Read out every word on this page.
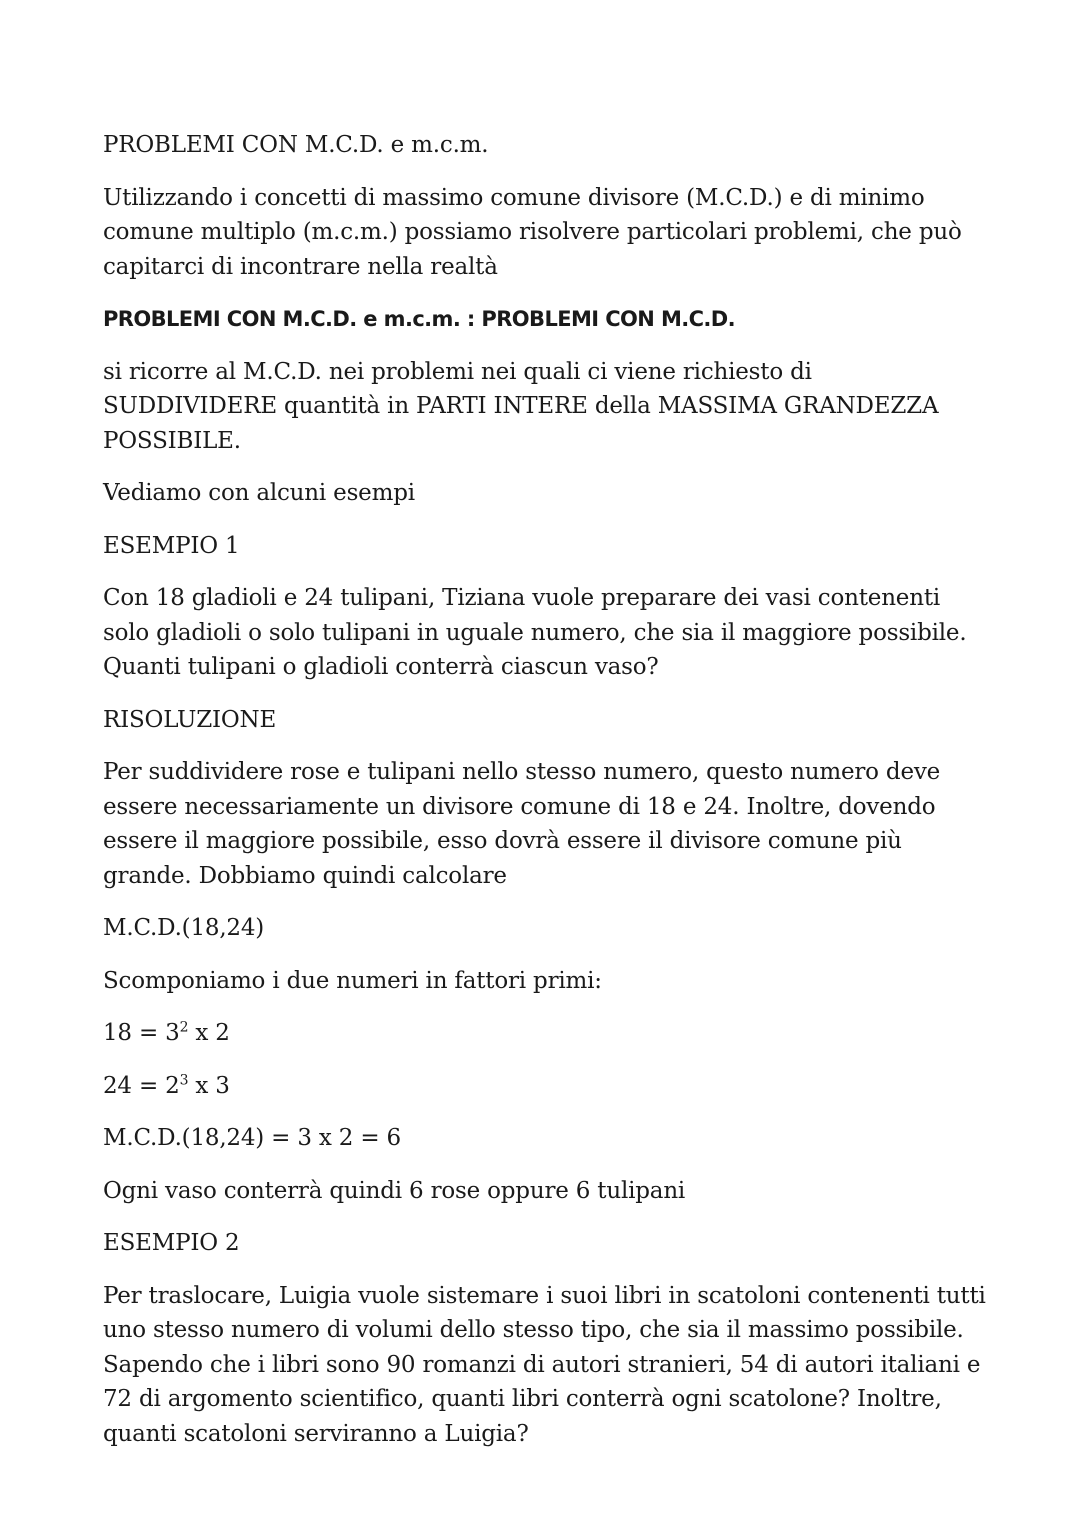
PROBLEMI CON M.C.D. e m.c.m.

Utilizzando i concetti di massimo comune divisore (M.C.D.) e di minimo comune multiplo (m.c.m.) possiamo risolvere particolari problemi, che può capitarci di incontrare nella realtà

PROBLEMI CON M.C.D. e m.c.m. : PROBLEMI CON M.C.D.

si ricorre al M.C.D. nei problemi nei quali ci viene richiesto di SUDDIVIDERE quantità in PARTI INTERE della MASSIMA GRANDEZZA POSSIBILE.

Vediamo con alcuni esempi

ESEMPIO 1

Con 18 gladioli e 24 tulipani, Tiziana vuole preparare dei vasi contenenti solo gladioli o solo tulipani in uguale numero, che sia il maggiore possibile. Quanti tulipani o gladioli conterrà ciascun vaso?

RISOLUZIONE

Per suddividere rose e tulipani nello stesso numero, questo numero deve essere necessariamente un divisore comune di 18 e 24. Inoltre, dovendo essere il maggiore possibile, esso dovrà essere il divisore comune più grande. Dobbiamo quindi calcolare

M.C.D.(18,24)

Scomponiamo i due numeri in fattori primi:

$18 = 3^2$ x 2

$24 = 2^3$ x 3

M.C.D.(18,24) = 3 x 2 = 6

Ogni vaso conterrà quindi 6 rose oppure 6 tulipani

ESEMPIO 2

Per traslocare, Luigia vuole sistemare i suoi libri in scatoloni contenenti tutti uno stesso numero di volumi dello stesso tipo, che sia il massimo possibile. Sapendo che i libri sono 90 romanzi di autori stranieri, 54 di autori italiani e 72 di argomento scientifico, quanti libri conterrà ogni scatolone? Inoltre, quanti scatoloni serviranno a Luigia?
